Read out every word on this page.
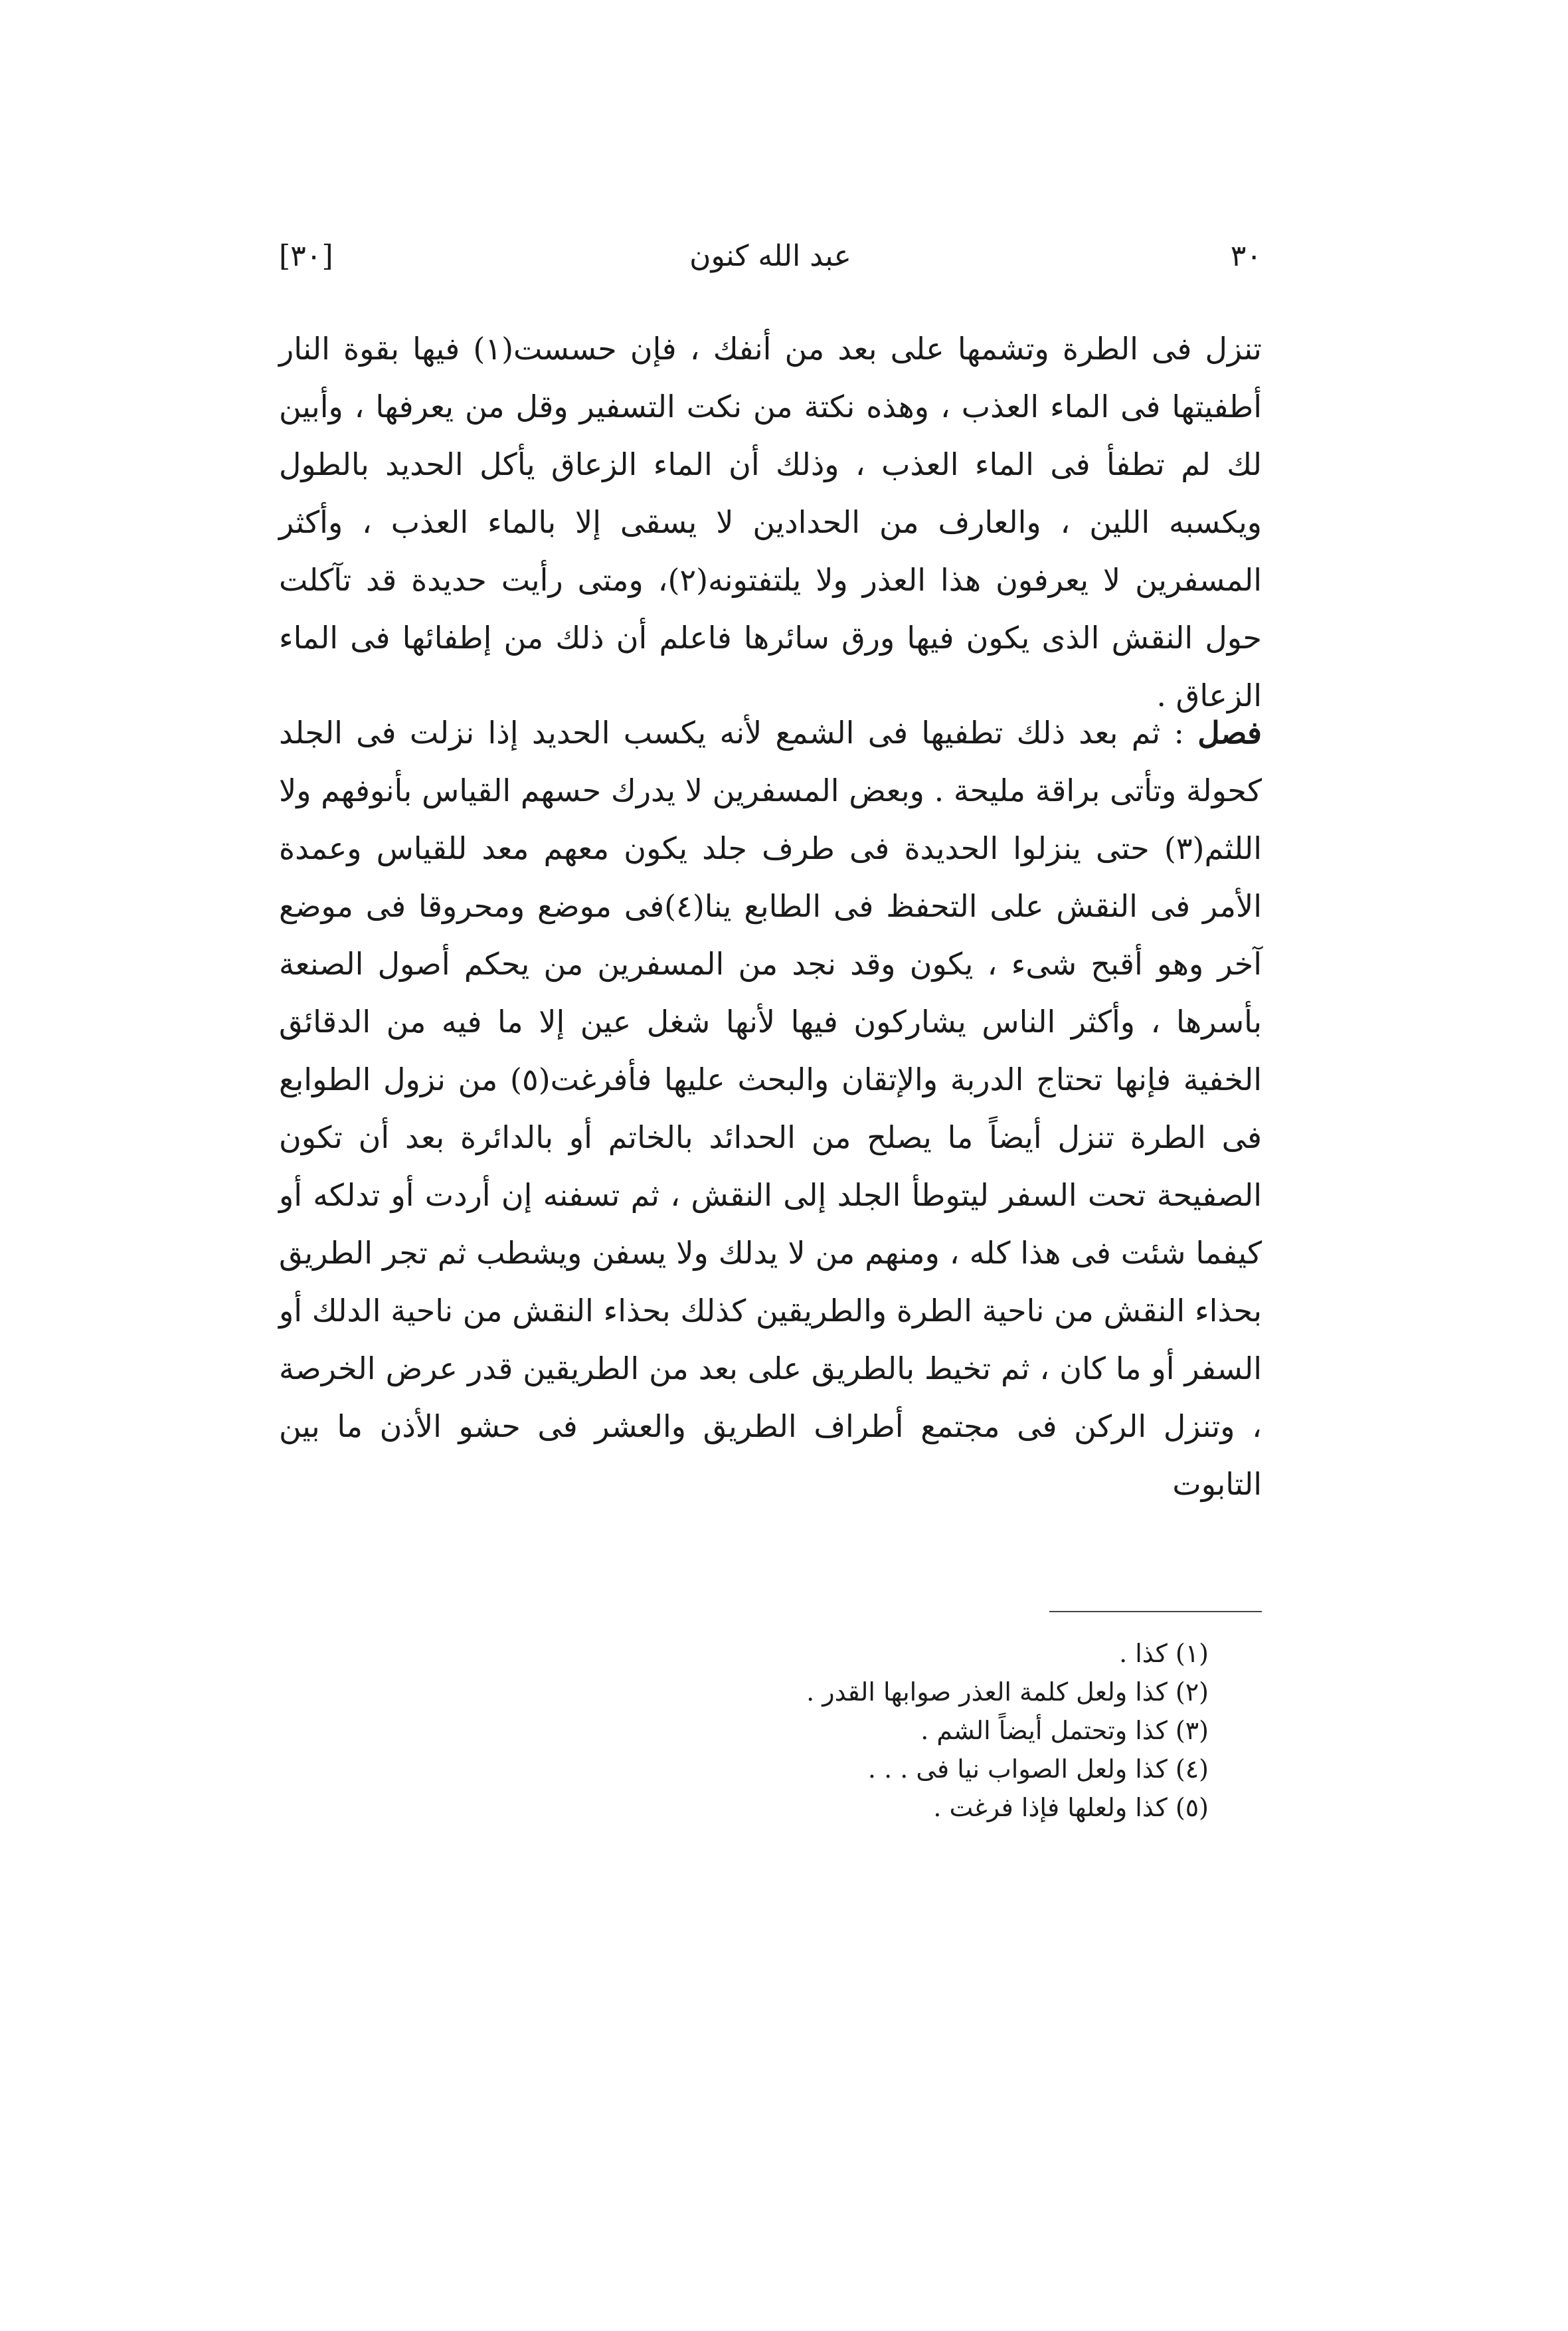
٣٠
عبد الله كنون
[٣٠]

تنزل فى الطرة وتشمها على بعد من أنفك ، فإن حسست(١) فيها بقوة النار أطفيتها فى الماء العذب ، وهذه نكتة من نكت التسفير وقل من يعرفها ، وأبين لك لم تطفأ فى الماء العذب ، وذلك أن الماء الزعاق يأكل الحديد بالطول ويكسبه اللين ، والعارف من الحدادين لا يسقى إلا بالماء العذب ، وأكثر المسفرين لا يعرفون هذا العذر ولا يلتفتونه(٢)، ومتى رأيت حديدة قد تآكلت حول النقش الذى يكون فيها ورق سائرها فاعلم أن ذلك من إطفائها فى الماء الزعاق .

فصل : ثم بعد ذلك تطفيها فى الشمع لأنه يكسب الحديد إذا نزلت فى الجلد كحولة وتأتى براقة مليحة . وبعض المسفرين لا يدرك حسهم القياس بأنوفهم ولا اللثم(٣) حتى ينزلوا الحديدة فى طرف جلد يكون معهم معد للقياس وعمدة الأمر فى النقش على التحفظ فى الطابع ينا(٤)فى موضع ومحروقا فى موضع آخر وهو أقبح شىء ، يكون وقد نجد من المسفرين من يحكم أصول الصنعة بأسرها ، وأكثر الناس يشاركون فيها لأنها شغل عين إلا ما فيه من الدقائق الخفية فإنها تحتاج الدربة والإتقان والبحث عليها فأفرغت(٥) من نزول الطوابع فى الطرة تنزل أيضاً ما يصلح من الحدائد بالخاتم أو بالدائرة بعد أن تكون الصفيحة تحت السفر ليتوطأ الجلد إلى النقش ، ثم تسفنه إن أردت أو تدلكه أو كيفما شئت فى هذا كله ، ومنهم من لا يدلك ولا يسفن ويشطب ثم تجر الطريق بحذاء النقش من ناحية الطرة والطريقين كذلك بحذاء النقش من ناحية الدلك أو السفر أو ما كان ، ثم تخيط بالطريق على بعد من الطريقين قدر عرض الخرصة ، وتنزل الركن فى مجتمع أطراف الطريق والعشر فى حشو الأذن ما بين التابوت

(١) كذا .
(٢) كذا ولعل كلمة العذر صوابها القدر .
(٣) كذا وتحتمل أيضاً الشم .
(٤) كذا ولعل الصواب نيا فى . . .
(٥) كذا ولعلها فإذا فرغت .
